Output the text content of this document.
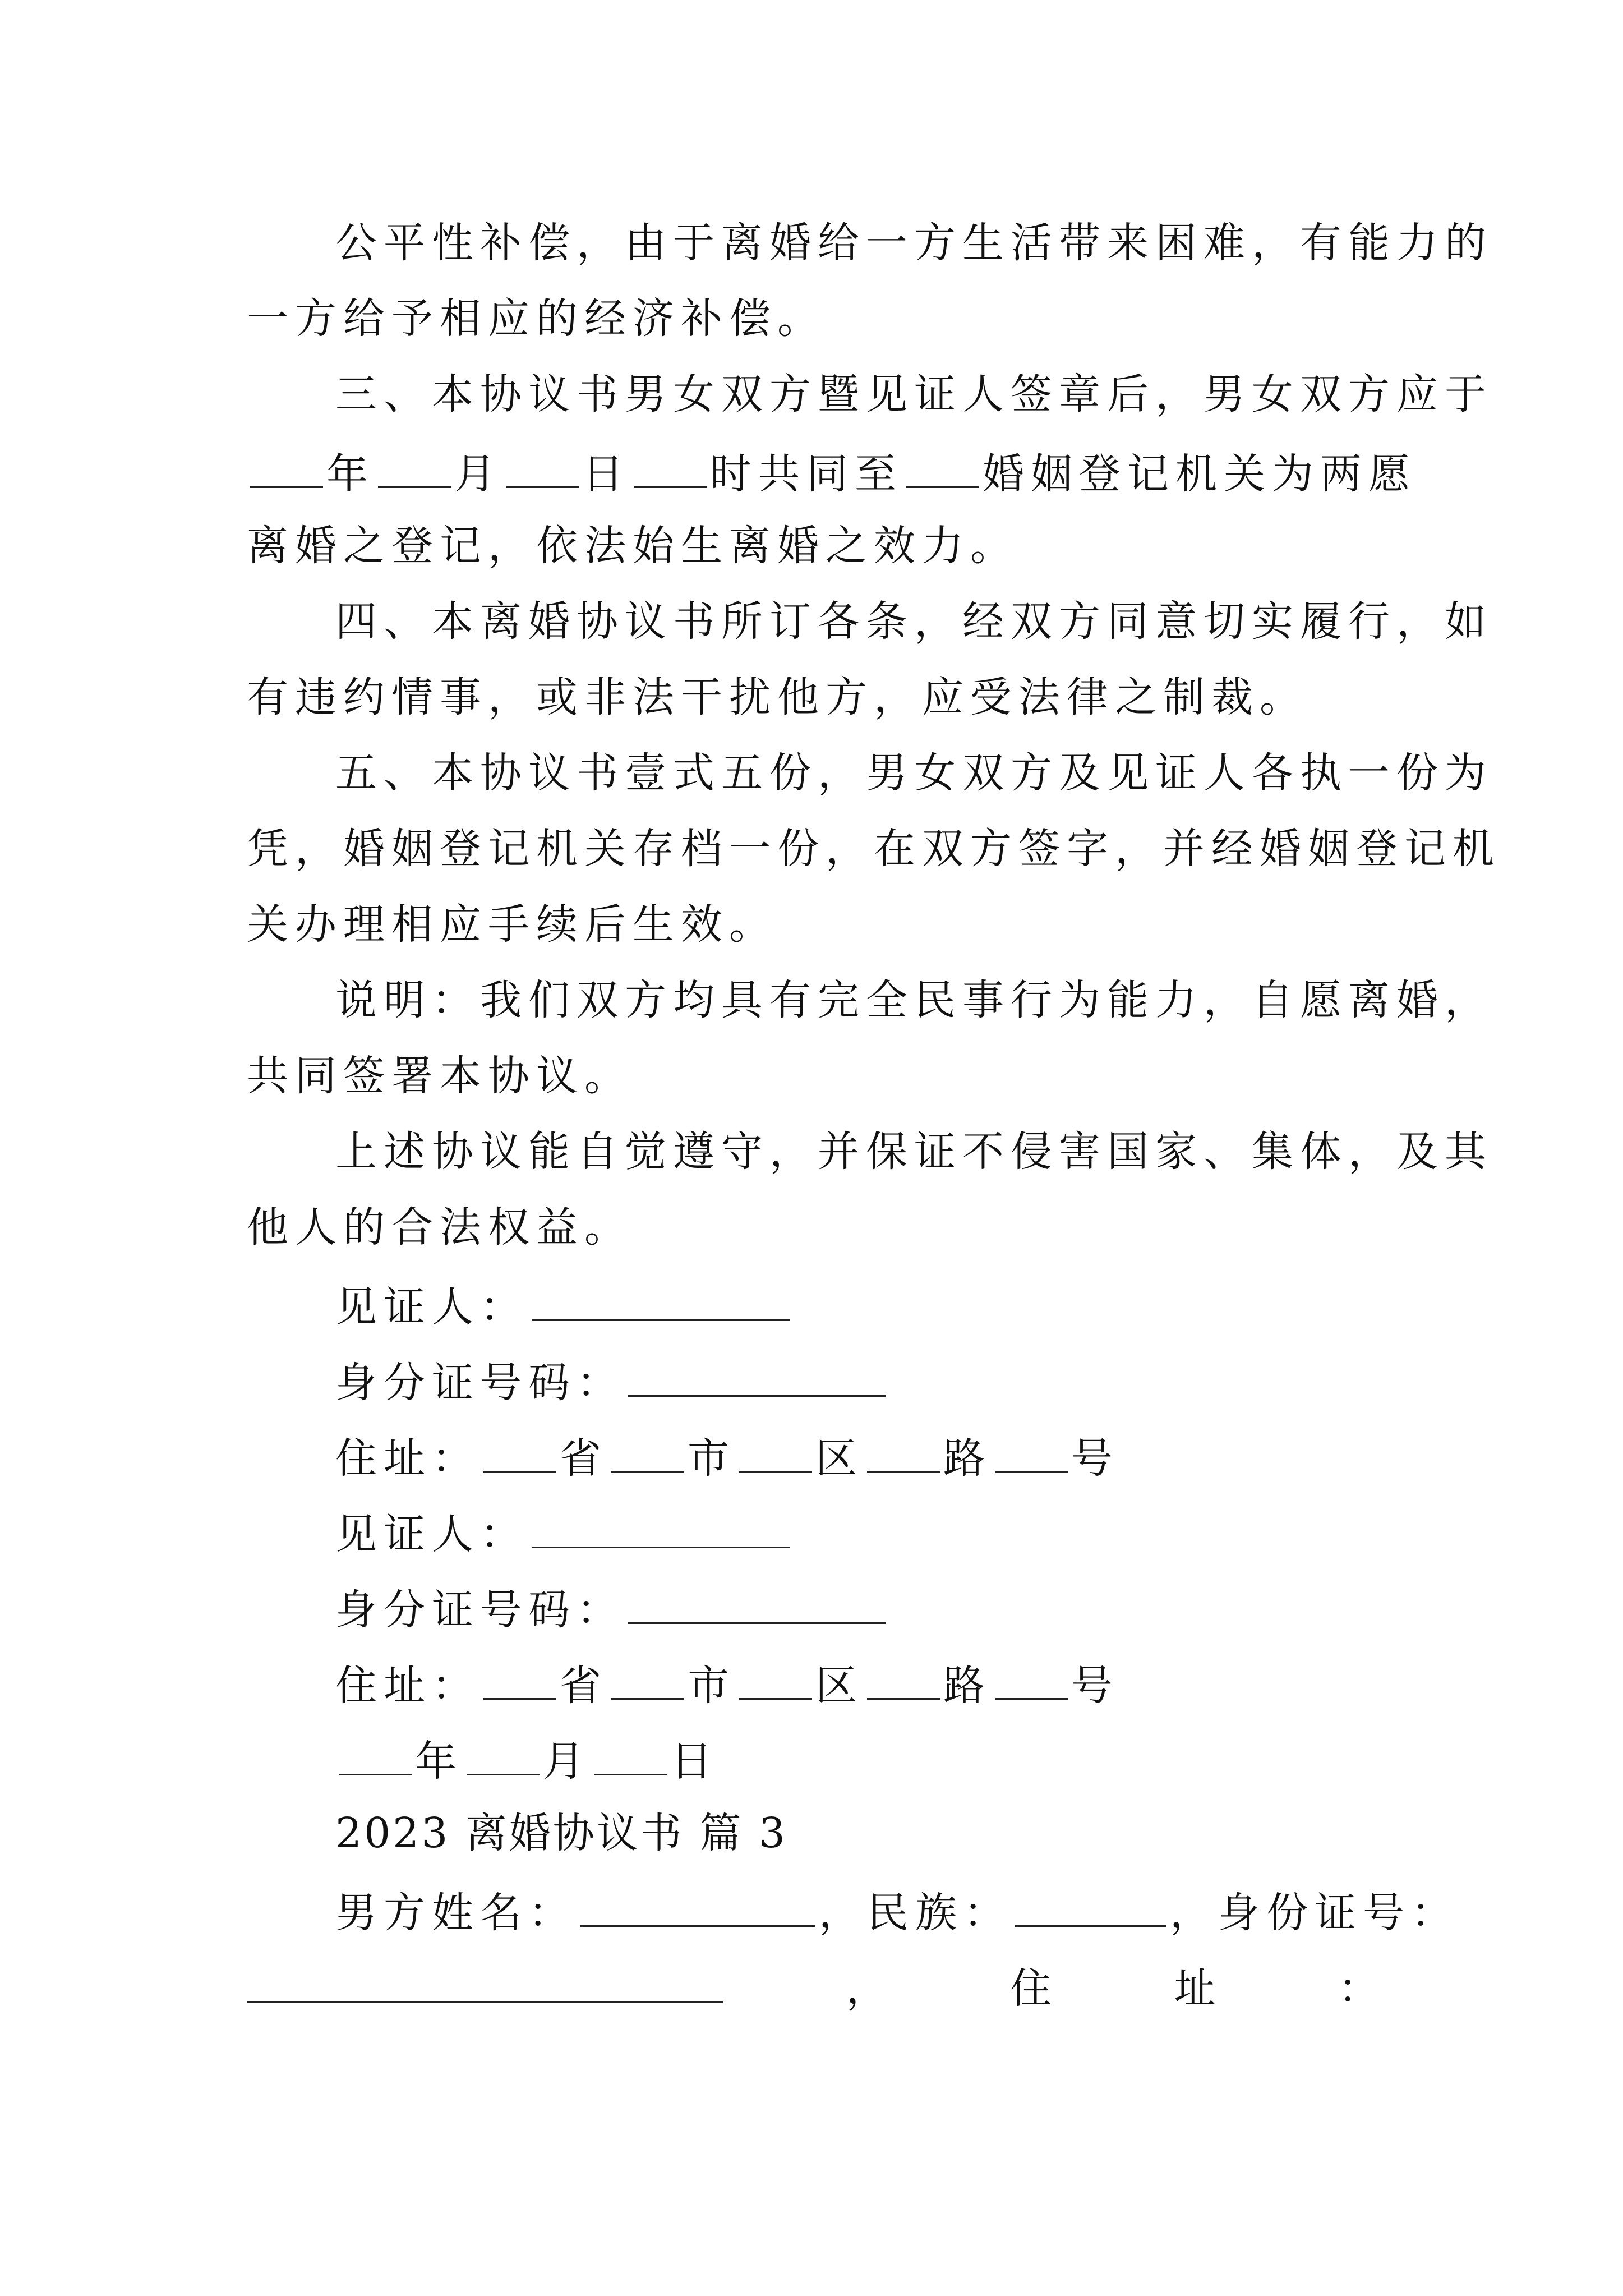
公平性补偿，由于离婚给一方生活带来困难，有能力的
一方给予相应的经济补偿。
三、本协议书男女双方暨见证人签章后，男女双方应于
年 月 日 时共同至 婚姻登记机关为两愿
离婚之登记，依法始生离婚之效力。
四、本离婚协议书所订各条，经双方同意切实履行，如
有违约情事，或非法干扰他方，应受法律之制裁。
五、本协议书壹式五份，男女双方及见证人各执一份为
凭，婚姻登记机关存档一份，在双方签字，并经婚姻登记机
关办理相应手续后生效。
说明：我们双方均具有完全民事行为能力，自愿离婚，
共同签署本协议。
上述协议能自觉遵守，并保证不侵害国家、集体，及其
他人的合法权益。
见证人：
身分证号码：
住址： 省 市 区 路 号
见证人：
身分证号码：
住址： 省 市 区 路 号
年 月 日
2023 离婚协议书 篇 3
男方姓名：	，民族：	，身份证号：
，	住	址	：
